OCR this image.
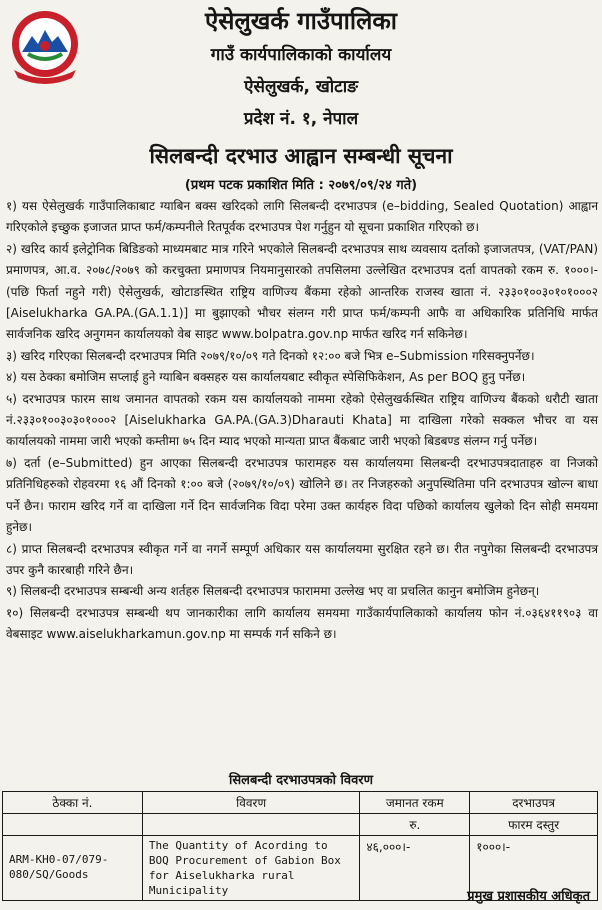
ऐसेलुखर्क गाउँपालिका
गाउँ कार्यपालिकाको कार्यालय
ऐसेलुखर्क, खोटाङ
प्रदेश नं. १, नेपाल
सिलबन्दी दरभाउ आह्वान सम्बन्धी सूचना
(प्रथम पटक प्रकाशित मिति : २०७९/०९/२४ गते)

१) यस ऐसेलुखर्क गाउँपालिकाबाट ग्याबिन बक्स खरिदको लागि सिलबन्दी दरभाउपत्र (e–bidding, Sealed Quotation) आह्वान गरिएकोले इच्छुक इजाजत प्राप्त फर्म/कम्पनीले रितपूर्वक दरभाउपत्र पेश गर्नुहुन यो सूचना प्रकाशित गरिएको छ।

२) खरिद कार्य इलेट्रोनिक बिडिङको माध्यमबाट मात्र गरिने भएकोले सिलबन्दी दरभाउपत्र साथ व्यवसाय दर्ताको इजाजतपत्र, (VAT/PAN) प्रमाणपत्र, आ.व. २०७८/२०७९ को करचुक्ता प्रमाणपत्र नियमानुसारको तपसिलमा उल्लेखित दरभाउपत्र दर्ता वापतको रकम रु. १०००।- (पछि फिर्ता नहुने गरी) ऐसेलुखर्क, खोटाङस्थित राष्ट्रिय वाणिज्य बैंकमा रहेको आन्तरिक राजस्व खाता नं. २३३०१००३०१०१०००२ [Aiselukharka GA.PA.(GA.1.1)] मा बुझाएको भौचर संलग्न गरी प्राप्त फर्म/कम्पनी आफै वा अधिकारिक प्रतिनिधि मार्फत सार्वजनिक खरिद अनुगमन कार्यालयको वेब साइट www.bolpatra.gov.np मार्फत खरिद गर्न सकिनेछ।

३) खरिद गरिएका सिलबन्दी दरभाउपत्र मिति २०७९/१०/०९ गते दिनको १२:०० बजे भित्र e–Submission गरिसक्नुपर्नेछ।

४) यस ठेक्का बमोजिम सप्लाई हुने ग्याबिन बक्सहरु यस कार्यालयबाट स्वीकृत स्पेसिफिकेशन, As per BOQ हुनु पर्नेछ।

५) दरभाउपत्र फारम साथ जमानत वापतको रकम यस कार्यालयको नाममा रहेको ऐसेलुखर्कस्थित राष्ट्रिय वाणिज्य बैंकको धरौटी खाता नं.२३३०१००३०३०१०००२ [Aiselukharka GA.PA.(GA.3)Dharauti Khata] मा दाखिला गरेको सक्कल भौचर वा यस कार्यालयको नाममा जारी भएको कम्तीमा ७५ दिन म्याद भएको मान्यता प्राप्त बैंकबाट जारी भएको बिडबण्ड संलग्न गर्नु पर्नेछ।

७) दर्ता (e–Submitted) हुन आएका सिलबन्दी दरभाउपत्र फारामहरु यस कार्यालयमा सिलबन्दी दरभाउपत्रदाताहरु वा निजको प्रतिनिधिहरुको रोहवरमा १६ औं दिनको १:०० बजे (२०७९/१०/०९) खोलिने छ। तर निजहरुको अनुपस्थितिमा पनि दरभाउपत्र खोल्न बाधा पर्ने छैन। फाराम खरिद गर्ने वा दाखिला गर्ने दिन सार्वजनिक विदा परेमा उक्त कार्यहरु विदा पछिको कार्यालय खुलेको दिन सोही समयमा हुनेछ।

८) प्राप्त सिलबन्दी दरभाउपत्र स्वीकृत गर्ने वा नगर्ने सम्पूर्ण अधिकार यस कार्यालयमा सुरक्षित रहने छ। रीत नपुगेका सिलबन्दी दरभाउपत्र उपर कुनै कारबाही गरिने छैन।

९) सिलबन्दी दरभाउपत्र सम्बन्धी अन्य शर्तहरु सिलबन्दी दरभाउपत्र फाराममा उल्लेख भए वा प्रचलित कानुन बमोजिम हुनेछन्।

१०) सिलबन्दी दरभाउपत्र सम्बन्धी थप जानकारीका लागि कार्यालय समयमा गाउँकार्यपालिकाको कार्यालय फोन नं.०३६४११९०३ वा वेबसाइट www.aiselukharkamun.gov.np मा सम्पर्क गर्न सकिने छ।

सिलबन्दी दरभाउपत्रको विवरण
ठेक्का नं.	विवरण	जमानत रकम	दरभाउपत्र
		रु.	फारम दस्तुर
ARM-KH0-07/079-080/SQ/Goods	The Quantity of Acording to BOQ Procurement of Gabion Box for Aiselukharka rural Municipality	४६,०००।-	१०००।-
प्रमुख प्रशासकीय अधिकृत
